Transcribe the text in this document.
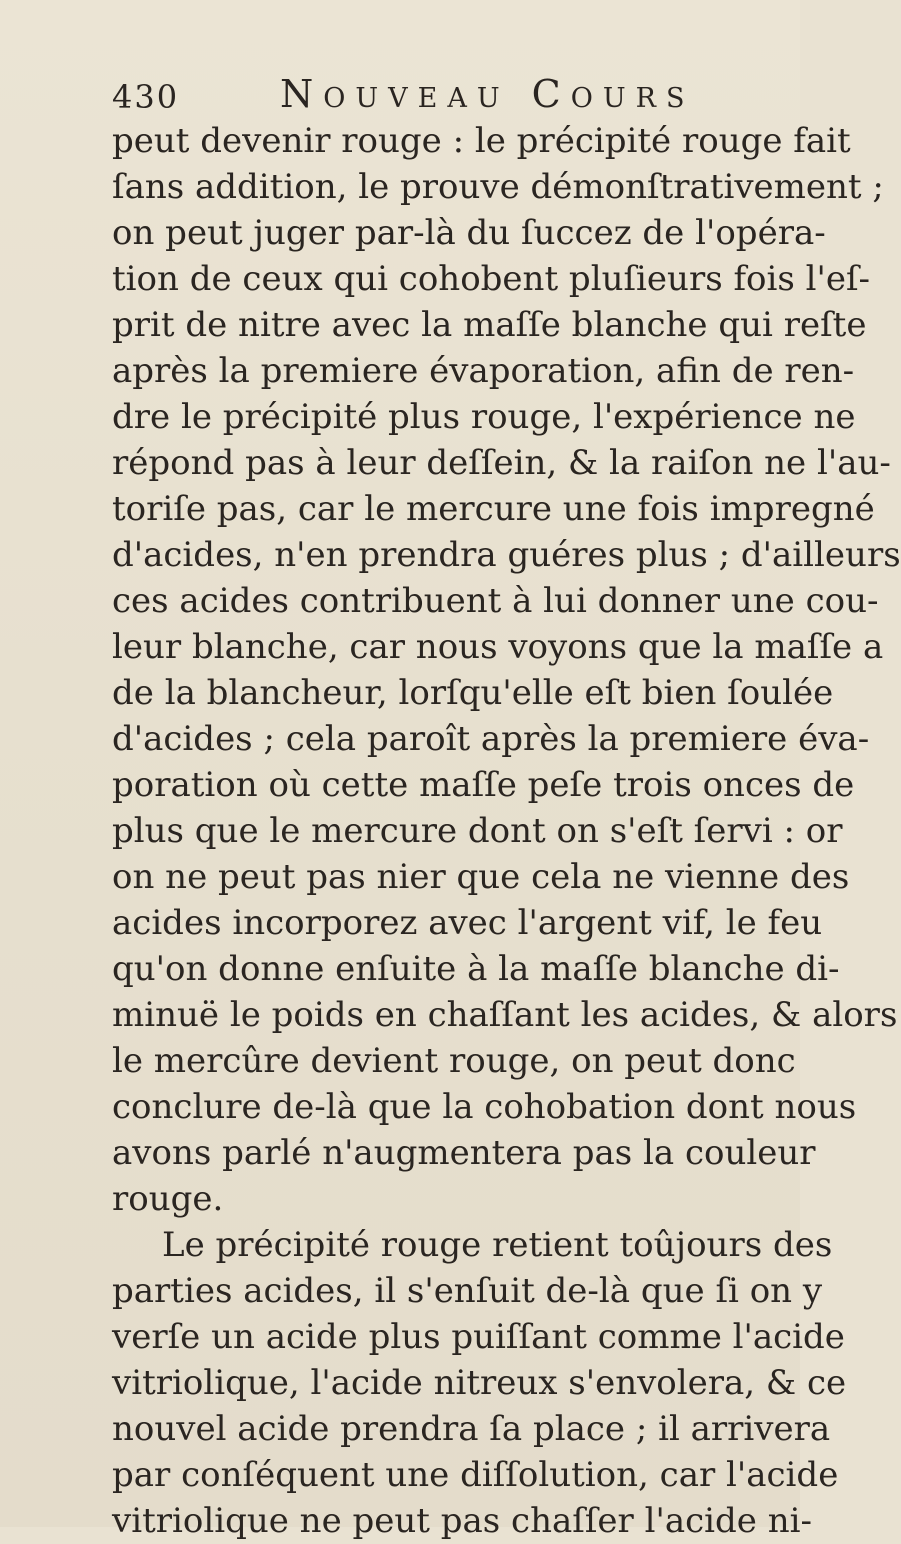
430	Nouveau Cours
peut devenir rouge : le précipité rouge fait
ſans addition, le prouve démonſtrativement ;
on peut juger par-là du ſuccez de l'opéra-
tion de ceux qui cohobent pluſieurs fois l'eſ-
prit de nitre avec la maſſe blanche qui reſte
après la premiere évaporation, afin de ren-
dre le précipité plus rouge, l'expérience ne
répond pas à leur deſſein, & la raiſon ne l'au-
toriſe pas, car le mercure une fois impregné
d'acides, n'en prendra guéres plus ; d'ailleurs
ces acides contribuent à lui donner une cou-
leur blanche, car nous voyons que la maſſe a
de la blancheur, lorſqu'elle eſt bien ſoulée
d'acides ; cela paroît après la premiere éva-
poration où cette maſſe peſe trois onces de
plus que le mercure dont on s'eſt ſervi : or
on ne peut pas nier que cela ne vienne des
acides incorporez avec l'argent vif, le feu
qu'on donne enſuite à la maſſe blanche di-
minuë le poids en chaſſant les acides, & alors
le mercûre devient rouge, on peut donc
conclure de-là que la cohobation dont nous
avons parlé n'augmentera pas la couleur
rouge.
Le précipité rouge retient toûjours des
parties acides, il s'enſuit de-là que ſi on y
verſe un acide plus puiſſant comme l'acide
vitriolique, l'acide nitreux s'envolera, & ce
nouvel acide prendra ſa place ; il arrivera
par conſéquent une diſſolution, car l'acide
vitriolique ne peut pas chaſſer l'acide ni-
